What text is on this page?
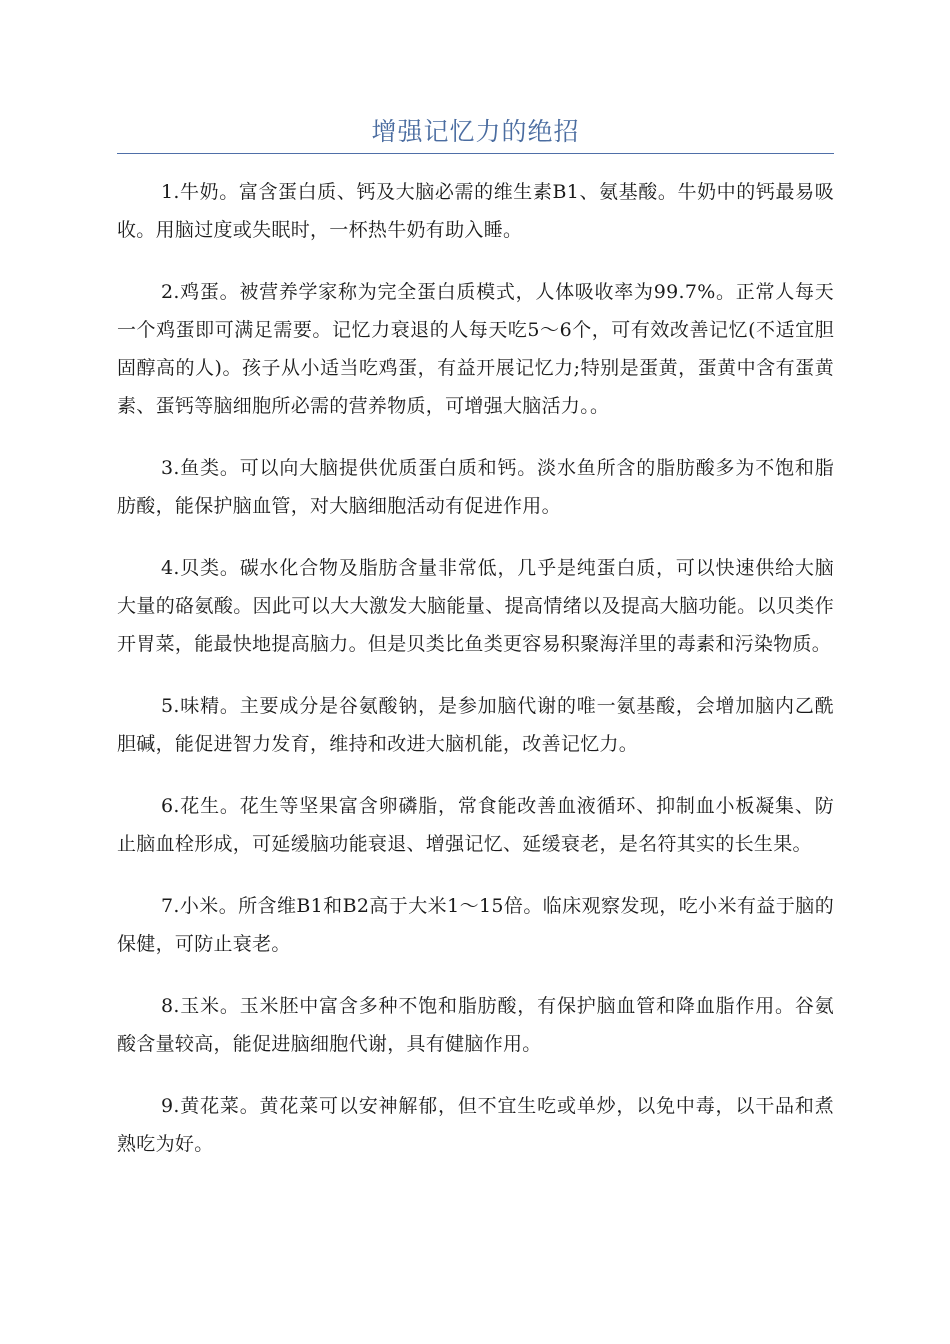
增强记忆力的绝招

1.牛奶。富含蛋白质、钙及大脑必需的维生素B1、氨基酸。牛奶中的钙最易吸收。用脑过度或失眠时，一杯热牛奶有助入睡。

2.鸡蛋。被营养学家称为完全蛋白质模式，人体吸收率为99.7%。正常人每天一个鸡蛋即可满足需要。记忆力衰退的人每天吃5～6个，可有效改善记忆(不适宜胆固醇高的人)。孩子从小适当吃鸡蛋，有益开展记忆力;特别是蛋黄，蛋黄中含有蛋黄素、蛋钙等脑细胞所必需的营养物质，可增强大脑活力。。

3.鱼类。可以向大脑提供优质蛋白质和钙。淡水鱼所含的脂肪酸多为不饱和脂肪酸，能保护脑血管，对大脑细胞活动有促进作用。

4.贝类。碳水化合物及脂肪含量非常低，几乎是纯蛋白质，可以快速供给大脑大量的硌氨酸。因此可以大大激发大脑能量、提高情绪以及提高大脑功能。以贝类作开胃菜，能最快地提高脑力。但是贝类比鱼类更容易积聚海洋里的毒素和污染物质。

5.味精。主要成分是谷氨酸钠，是参加脑代谢的唯一氨基酸，会增加脑内乙酰胆碱，能促进智力发育，维持和改进大脑机能，改善记忆力。

6.花生。花生等坚果富含卵磷脂，常食能改善血液循环、抑制血小板凝集、防止脑血栓形成，可延缓脑功能衰退、增强记忆、延缓衰老，是名符其实的长生果。

7.小米。所含维B1和B2高于大米1～15倍。临床观察发现，吃小米有益于脑的保健，可防止衰老。

8.玉米。玉米胚中富含多种不饱和脂肪酸，有保护脑血管和降血脂作用。谷氨酸含量较高，能促进脑细胞代谢，具有健脑作用。

9.黄花菜。黄花菜可以安神解郁，但不宜生吃或单炒，以免中毒，以干品和煮熟吃为好。
